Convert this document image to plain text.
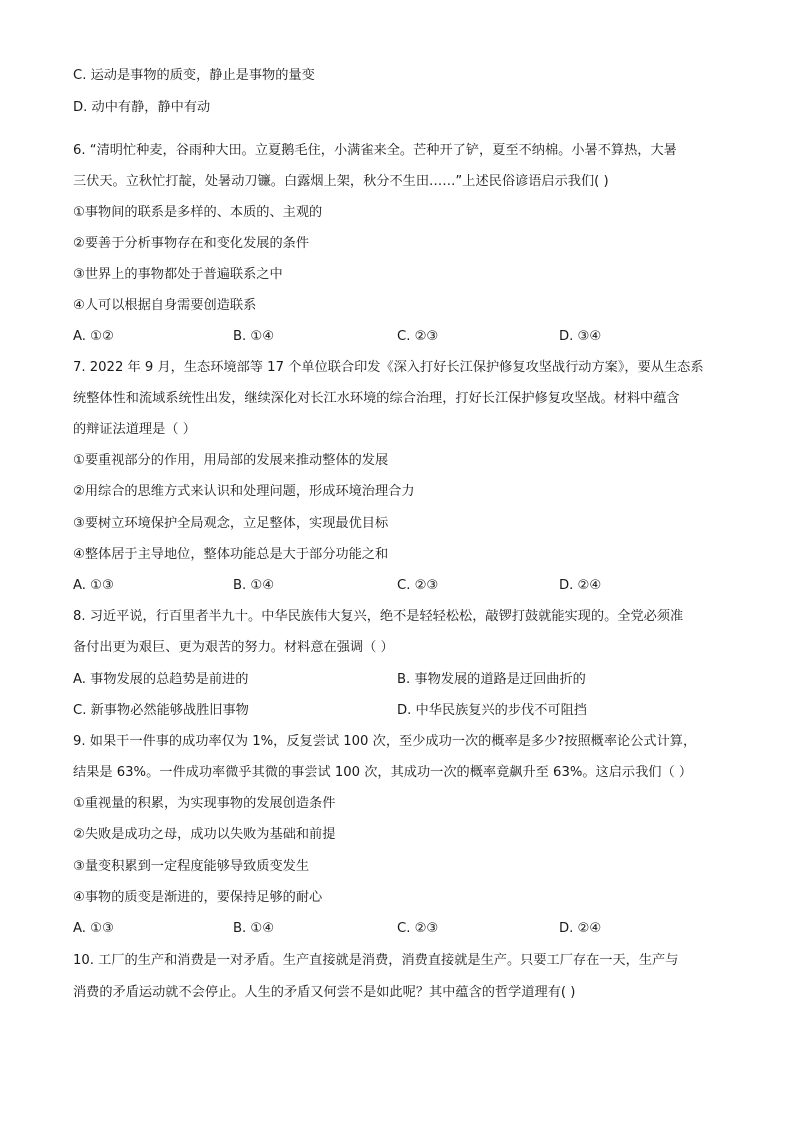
C. 运动是事物的质变，静止是事物的量变
D. 动中有静，静中有动
6. “清明忙种麦，谷雨种大田。立夏鹅毛住，小满雀来全。芒种开了铲，夏至不纳棉。小暑不算热，大暑
三伏天。立秋忙打靛，处暑动刀镰。白露烟上架，秋分不生田……”上述民俗谚语启示我们( )
①事物间的联系是多样的、本质的、主观的
②要善于分析事物存在和变化发展的条件
③世界上的事物都处于普遍联系之中
④人可以根据自身需要创造联系
A. ①②	B. ①④	C. ②③	D. ③④
7. 2022 年 9 月，生态环境部等 17 个单位联合印发《深入打好长江保护修复攻坚战行动方案》，要从生态系
统整体性和流域系统性出发，继续深化对长江水环境的综合治理，打好长江保护修复攻坚战。材料中蕴含
的辩证法道理是（ ）
①要重视部分的作用，用局部的发展来推动整体的发展
②用综合的思维方式来认识和处理问题，形成环境治理合力
③要树立环境保护全局观念，立足整体，实现最优目标
④整体居于主导地位，整体功能总是大于部分功能之和
A. ①③	B. ①④	C. ②③	D. ②④
8. 习近平说，行百里者半九十。中华民族伟大复兴，绝不是轻轻松松，敲锣打鼓就能实现的。全党必须准
备付出更为艰巨、更为艰苦的努力。材料意在强调（ ）
A. 事物发展的总趋势是前进的	B. 事物发展的道路是迂回曲折的
C. 新事物必然能够战胜旧事物	D. 中华民族复兴的步伐不可阻挡
9. 如果干一件事的成功率仅为 1%，反复尝试 100 次，至少成功一次的概率是多少?按照概率论公式计算，
结果是 63%。一件成功率微乎其微的事尝试 100 次，其成功一次的概率竟飙升至 63%。这启示我们（ ）
①重视量的积累，为实现事物的发展创造条件
②失败是成功之母，成功以失败为基础和前提
③量变积累到一定程度能够导致质变发生
④事物的质变是渐进的，要保持足够的耐心
A. ①③	B. ①④	C. ②③	D. ②④
10. 工厂的生产和消费是一对矛盾。生产直接就是消费，消费直接就是生产。只要工厂存在一天，生产与
消费的矛盾运动就不会停止。人生的矛盾又何尝不是如此呢？其中蕴含的哲学道理有( )
